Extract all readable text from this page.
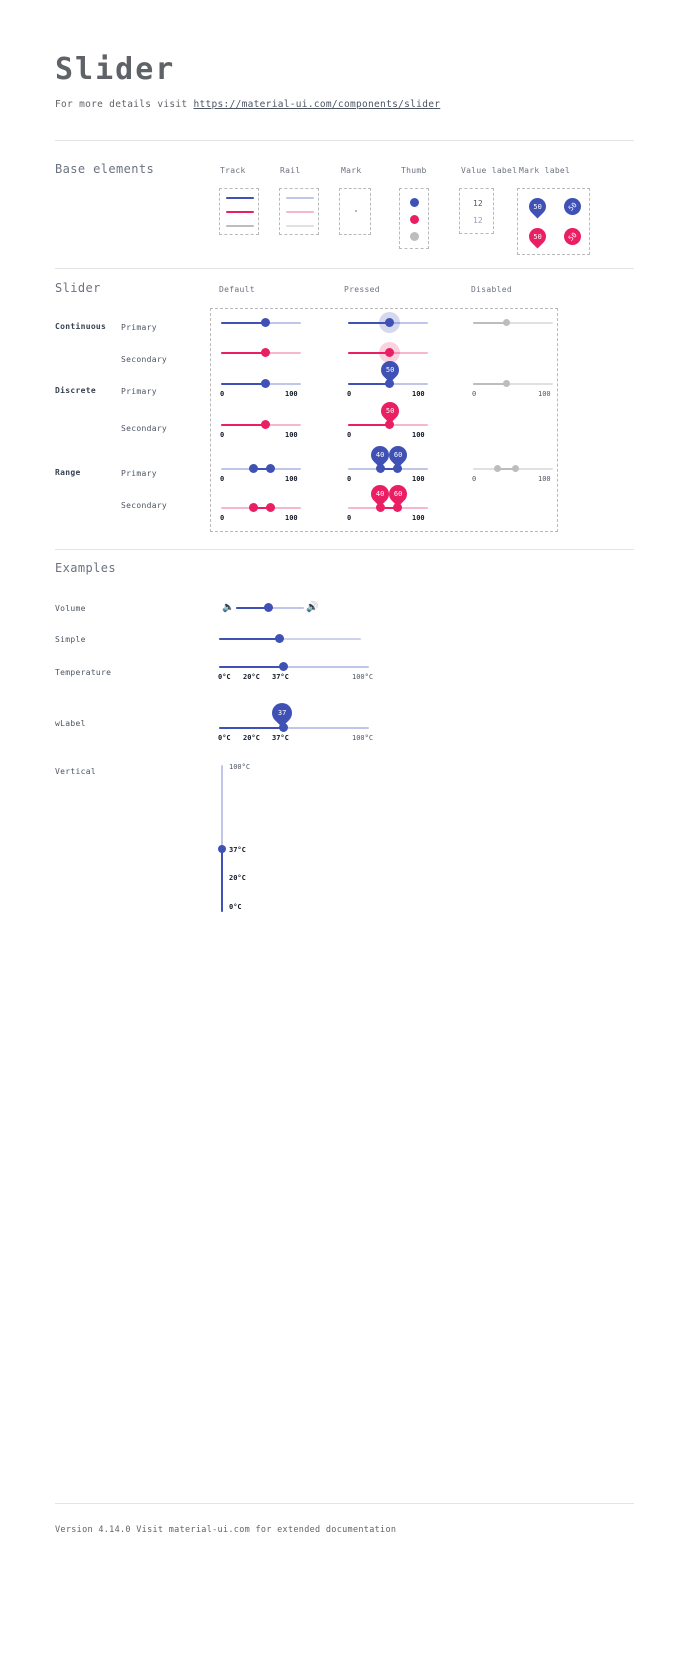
Slider
For more details visit https://material-ui.com/components/slider
Base elements	Track	Rail	Mark	Thumb	Value label Mark label
12
12
50	50
50	50
Slider	Default	Pressed	Disabled
Continuous Primary
Secondary
Discrete	Primary
Secondary
Range	Primary
Secondary
0	100
50
0	100	0	100
0	100
50
0	100
0	100
40 60
0	100	0	100
0	100
40 60
0	100
Examples
Volume	🔈	🔊
Simple
Temperature	0°C 20°C 37°C	100°C
wLabel
37
0°C 20°C 37°C	100°C
Vertical	100°C
37°C
20°C
0°C
Version 4.14.0 Visit material-ui.com for extended documentation
